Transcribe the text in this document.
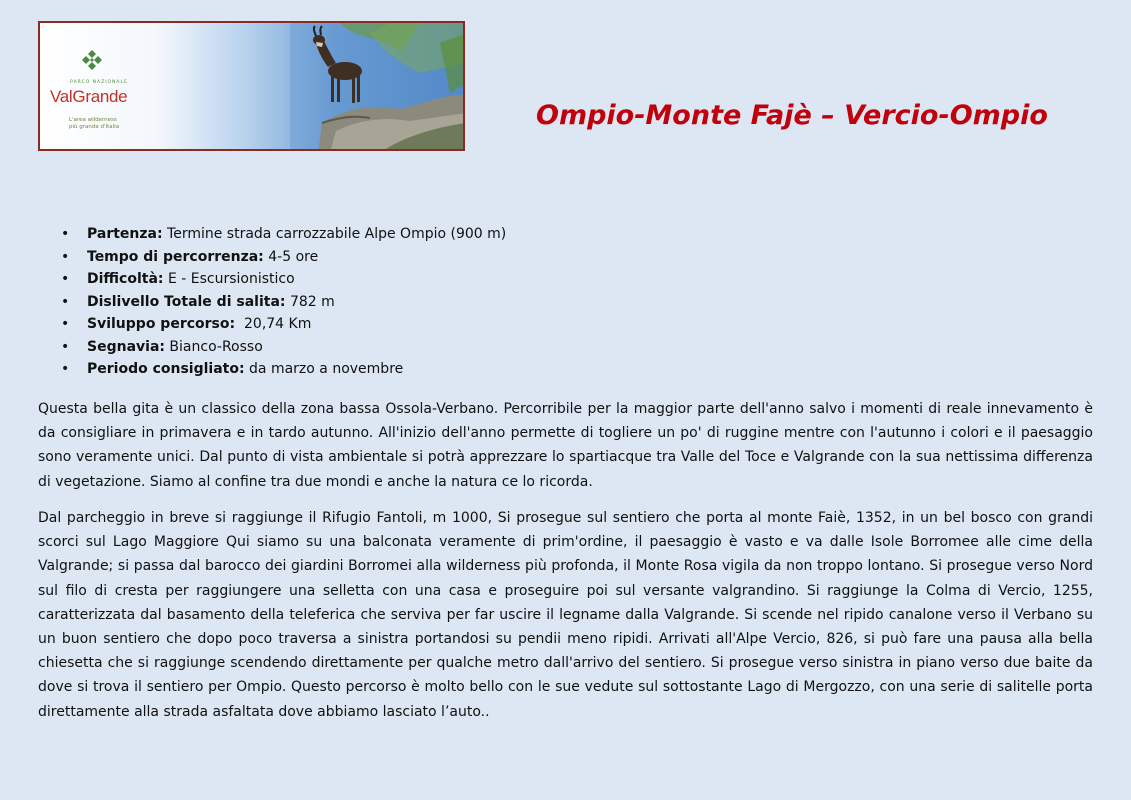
PARCO NAZIONALE
ValGrande
L'area wilderness
più grande d'Italia	Ompio-Monte Fajè – Vercio-Ompio
• Partenza: Termine strada carrozzabile Alpe Ompio (900 m)
• Tempo di percorrenza: 4-5 ore
• Difficoltà: E - Escursionistico
• Dislivello Totale di salita: 782 m
• Sviluppo percorso:  20,74 Km
• Segnavia: Bianco-Rosso
• Periodo consigliato: da marzo a novembre

Questa bella gita è un classico della zona bassa Ossola-Verbano. Percorribile per la maggior parte dell'anno salvo i momenti di reale innevamento è da consigliare in primavera e in tardo autunno. All'inizio dell'anno permette di togliere un po' di ruggine mentre con l'autunno i colori e il paesaggio sono veramente unici. Dal punto di vista ambientale si potrà apprezzare lo spartiacque tra Valle del Toce e Valgrande con la sua nettissima differenza di vegetazione. Siamo al confine tra due mondi e anche la natura ce lo ricorda.

Dal parcheggio in breve si raggiunge il Rifugio Fantoli, m 1000, Si prosegue sul sentiero che porta al monte Faiè, 1352, in un bel bosco con grandi scorci sul Lago Maggiore Qui siamo su una balconata veramente di prim'ordine, il paesaggio è vasto e va dalle Isole Borromee alle cime della Valgrande; si passa dal barocco dei giardini Borromei alla wilderness più profonda, il Monte Rosa vigila da non troppo lontano. Si prosegue verso Nord sul filo di cresta per raggiungere una selletta con una casa e proseguire poi sul versante valgrandino. Si raggiunge la Colma di Vercio, 1255, caratterizzata dal basamento della teleferica che serviva per far uscire il legname dalla Valgrande. Si scende nel ripido canalone verso il Verbano su un buon sentiero che dopo poco traversa a sinistra portandosi su pendii meno ripidi. Arrivati all'Alpe Vercio, 826, si può fare una pausa alla bella chiesetta che si raggiunge scendendo direttamente per qualche metro dall'arrivo del sentiero. Si prosegue verso sinistra in piano verso due baite da dove si trova il sentiero per Ompio. Questo percorso è molto bello con le sue vedute sul sottostante Lago di Mergozzo, con una serie di salitelle porta direttamente alla strada asfaltata dove abbiamo lasciato l’auto..
